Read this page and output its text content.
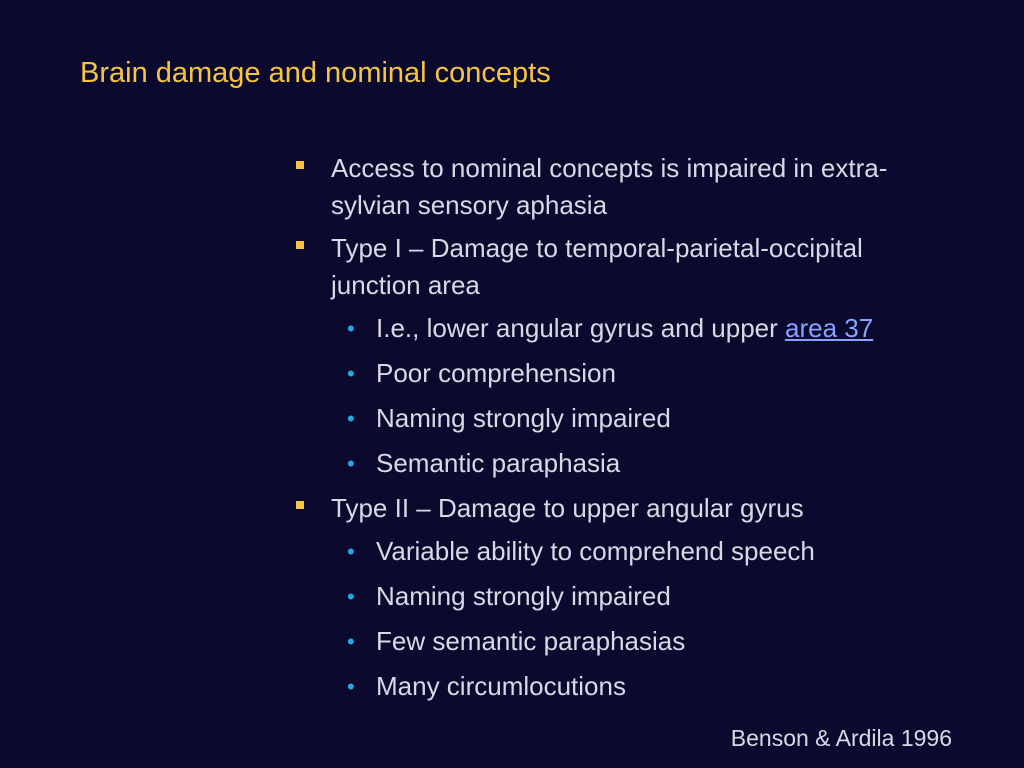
Brain damage and nominal concepts
Access to nominal concepts is impaired in extra-sylvian sensory aphasia
Type I – Damage to temporal-parietal-occipital junction area
• I.e., lower angular gyrus and upper area 37
• Poor comprehension
• Naming strongly impaired
• Semantic paraphasia
Type II – Damage to upper angular gyrus
• Variable ability to comprehend speech
• Naming strongly impaired
• Few semantic paraphasias
• Many circumlocutions
Benson & Ardila 1996
